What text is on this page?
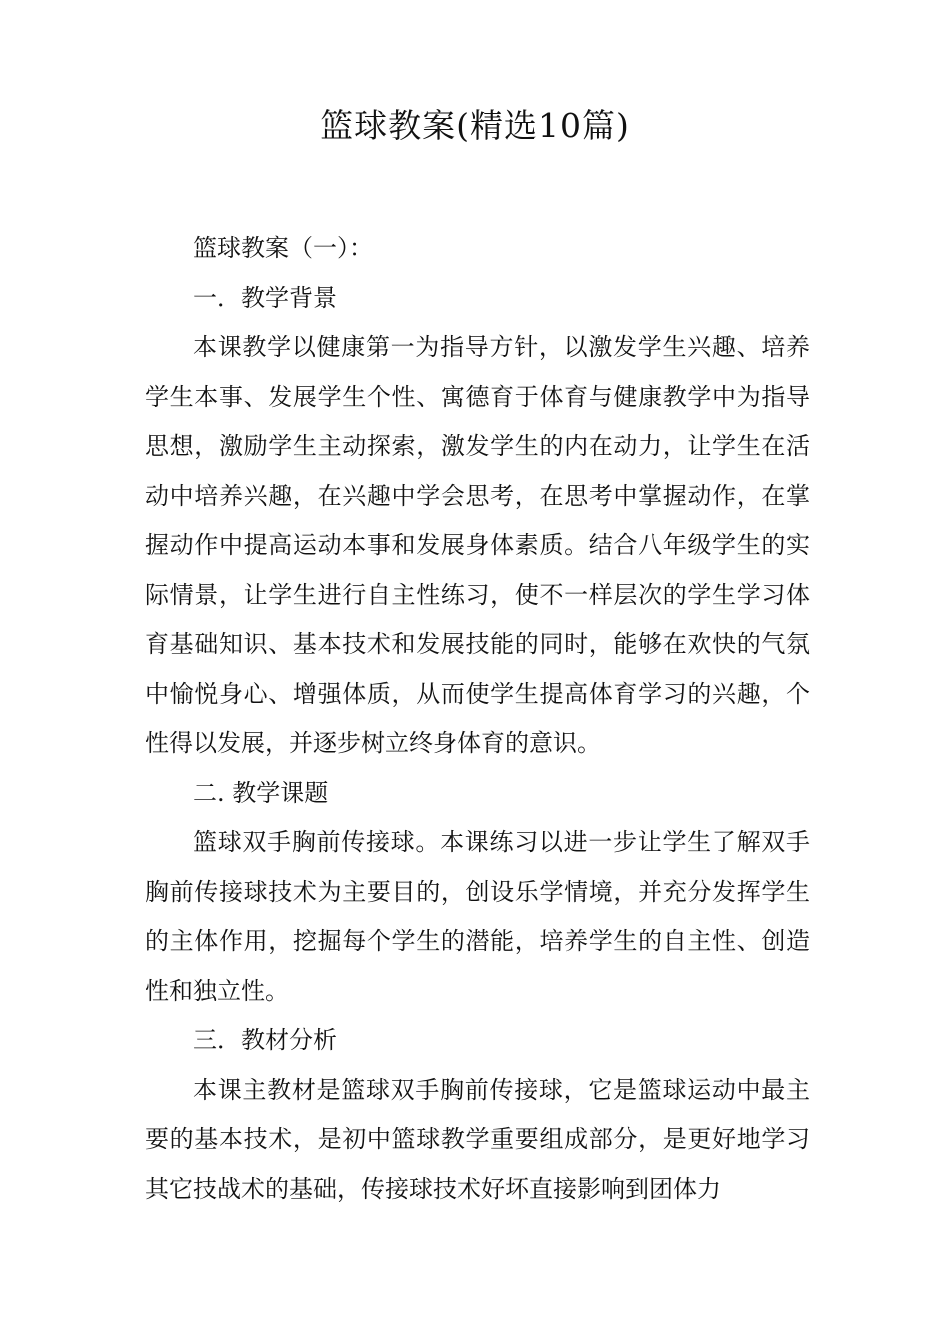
篮球教案(精选10篇)

篮球教案（一）：

一．教学背景

本课教学以健康第一为指导方针，以激发学生兴趣、培养学生本事、发展学生个性、寓德育于体育与健康教学中为指导思想，激励学生主动探索，激发学生的内在动力，让学生在活动中培养兴趣，在兴趣中学会思考，在思考中掌握动作，在掌握动作中提高运动本事和发展身体素质。结合八年级学生的实际情景，让学生进行自主性练习，使不一样层次的学生学习体育基础知识、基本技术和发展技能的同时，能够在欢快的气氛中愉悦身心、增强体质，从而使学生提高体育学习的兴趣，个性得以发展，并逐步树立终身体育的意识。

二. 教学课题

篮球双手胸前传接球。本课练习以进一步让学生了解双手胸前传接球技术为主要目的，创设乐学情境，并充分发挥学生的主体作用，挖掘每个学生的潜能，培养学生的自主性、创造性和独立性。

三．教材分析

本课主教材是篮球双手胸前传接球，它是篮球运动中最主要的基本技术，是初中篮球教学重要组成部分，是更好地学习其它技战术的基础，传接球技术好坏直接影响到团体力
